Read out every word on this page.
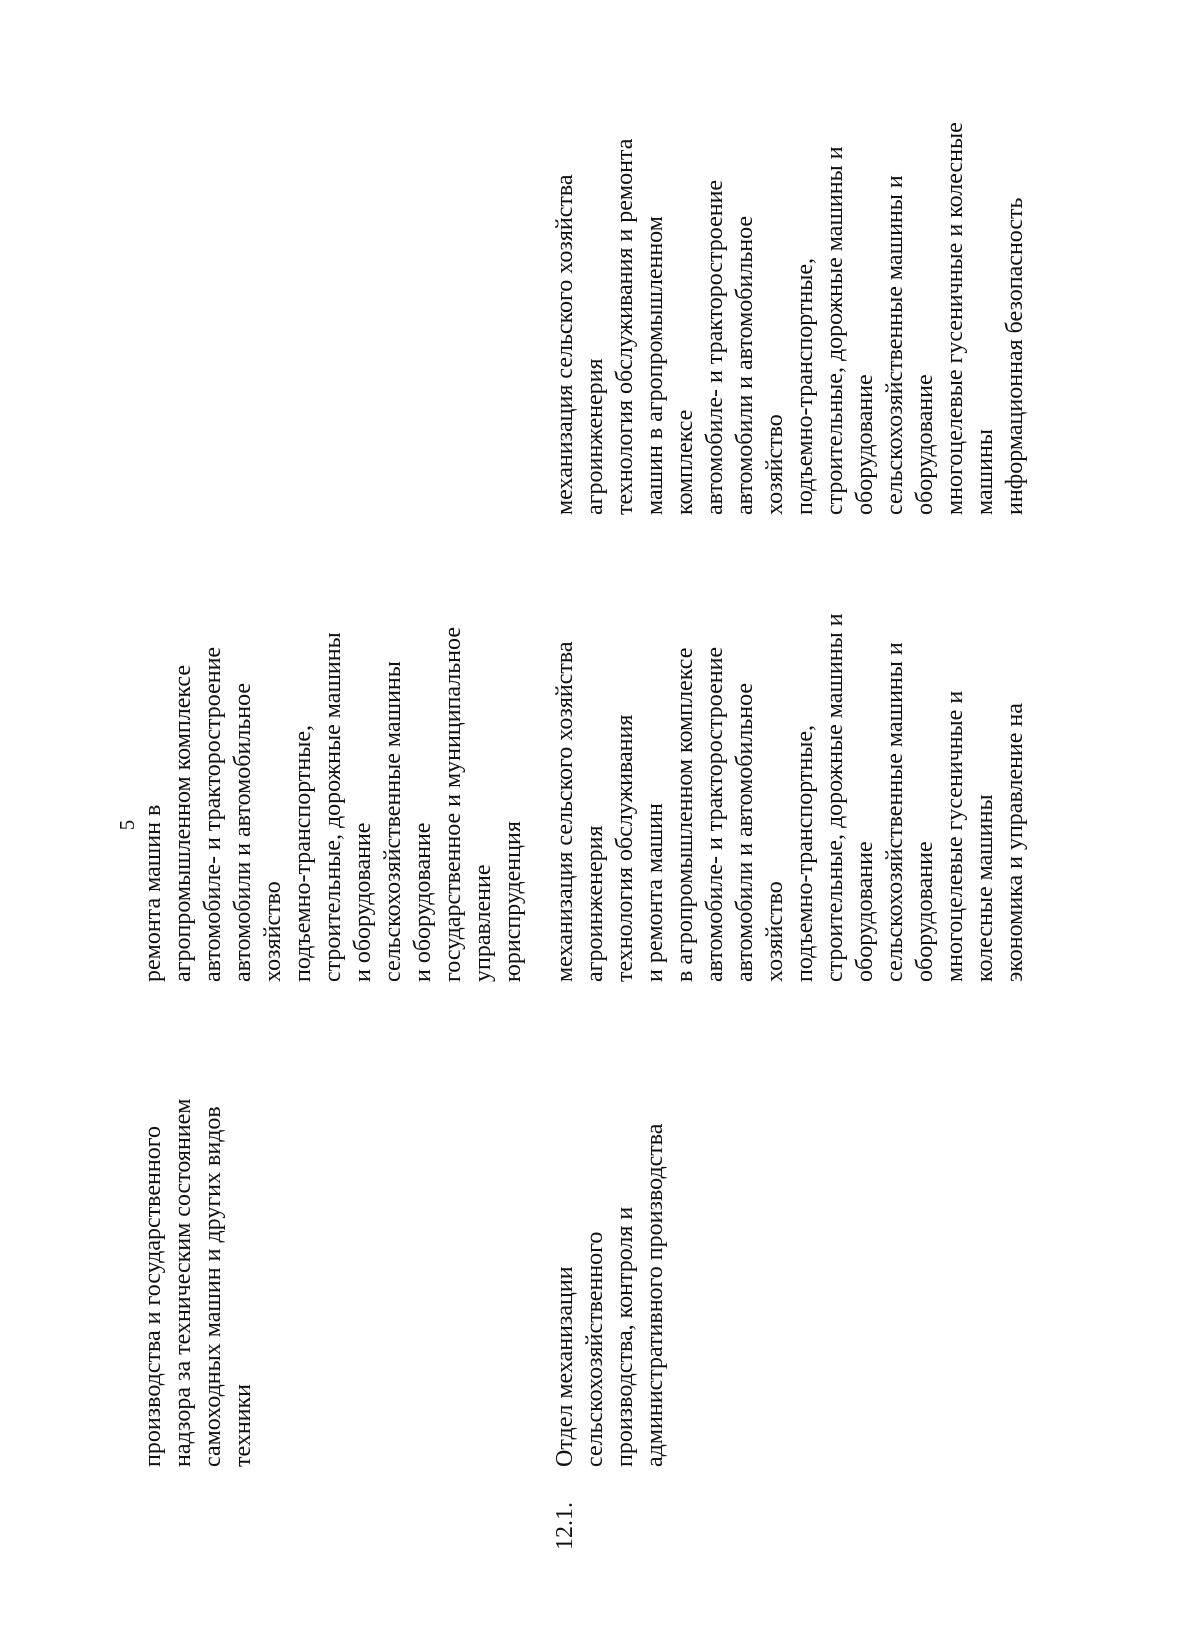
5
производства и государственного надзора за техническим состоянием самоходных машин и других видов техники
ремонта машин в агропромышленном комплексе автомобиле- и тракторостроение автомобили и автомобильное хозяйство подъемно-транспортные, строительные, дорожные машины и оборудование сельскохозяйственные машины и оборудование государственное и муниципальное управление юриспруденция
12.1.
Отдел механизации сельскохозяйственного производства, контроля и административного производства
механизация сельского хозяйства агроинженерия технология обслуживания и ремонта машин в агропромышленном комплексе автомобиле- и тракторостроение автомобили и автомобильное хозяйство подъемно-транспортные, строительные, дорожные машины и оборудование сельскохозяйственные машины и оборудование многоцелевые гусеничные и колесные машины экономика и управление на
механизация сельского хозяйства агроинженерия технология обслуживания и ремонта машин в агропромышленном комплексе автомобиле- и тракторостроение автомобили и автомобильное хозяйство подъемно-транспортные, строительные, дорожные машины и оборудование сельскохозяйственные машины и оборудование многоцелевые гусеничные и колесные машины информационная безопасность
